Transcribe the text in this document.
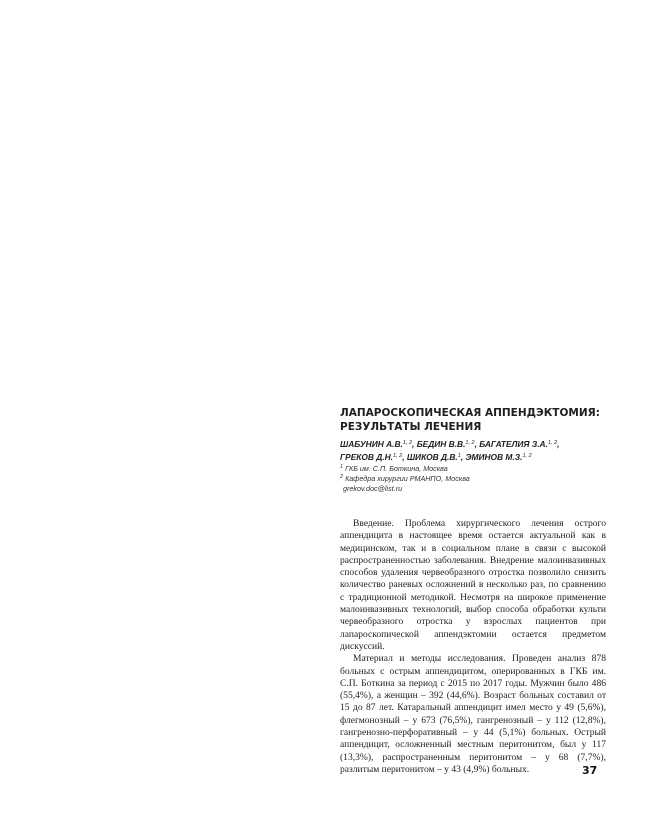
ЛАПАРОСКОПИЧЕСКАЯ АППЕНДЭКТОМИЯ:
РЕЗУЛЬТАТЫ ЛЕЧЕНИЯ
ШАБУНИН А.В.$^{1, 2}$, БЕДИН В.В.$^{1, 2}$, БАГАТЕЛИЯ З.А.$^{1, 2}$,
ГРЕКОВ Д.Н.$^{1, 2}$, ШИКОВ Д.В.$^1$, ЭМИНОВ М.З.$^{1, 2}$
$^1$ ГКБ им. С.П. Боткина, Москва
$^2$ Кафедра хирургии РМАНПО, Москва
grekov.doc@list.ru

Введение. Проблема хирургического лечения острого аппендицита в настоящее время остается актуальной как в медицинском, так и в социальном плане в связи с высокой распространенностью заболевания. Внедрение малоинвазивных способов удаления червеобразного отростка позволило снизить количество раневых осложнений в несколько раз, по сравнению с традиционной методикой. Несмотря на широкое применение малоинвазивных технологий, выбор способа обработки культи червеобразного отростка у взрослых пациентов при лапароскопической аппендэктомии остается предметом дискуссий.

Материал и методы исследования. Проведен анализ 878 больных с острым аппендицитом, оперированных в ГКБ им. С.П. Боткина за период с 2015 по 2017 годы. Мужчин было 486 (55,4%), а женщин – 392 (44,6%). Возраст больных составил от 15 до 87 лет. Катаральный аппендицит имел место у 49 (5,6%), флегмонозный – у 673 (76,5%), гангренозный – у 112 (12,8%), гангренозно-перфоративный – у 44 (5,1%) больных. Острый аппендицит, осложненный местным перитонитом, был у 117 (13,3%), распространенным перитонитом – у 68 (7,7%), разлитым перитонитом – у 43 (4,9%) больных.	37
